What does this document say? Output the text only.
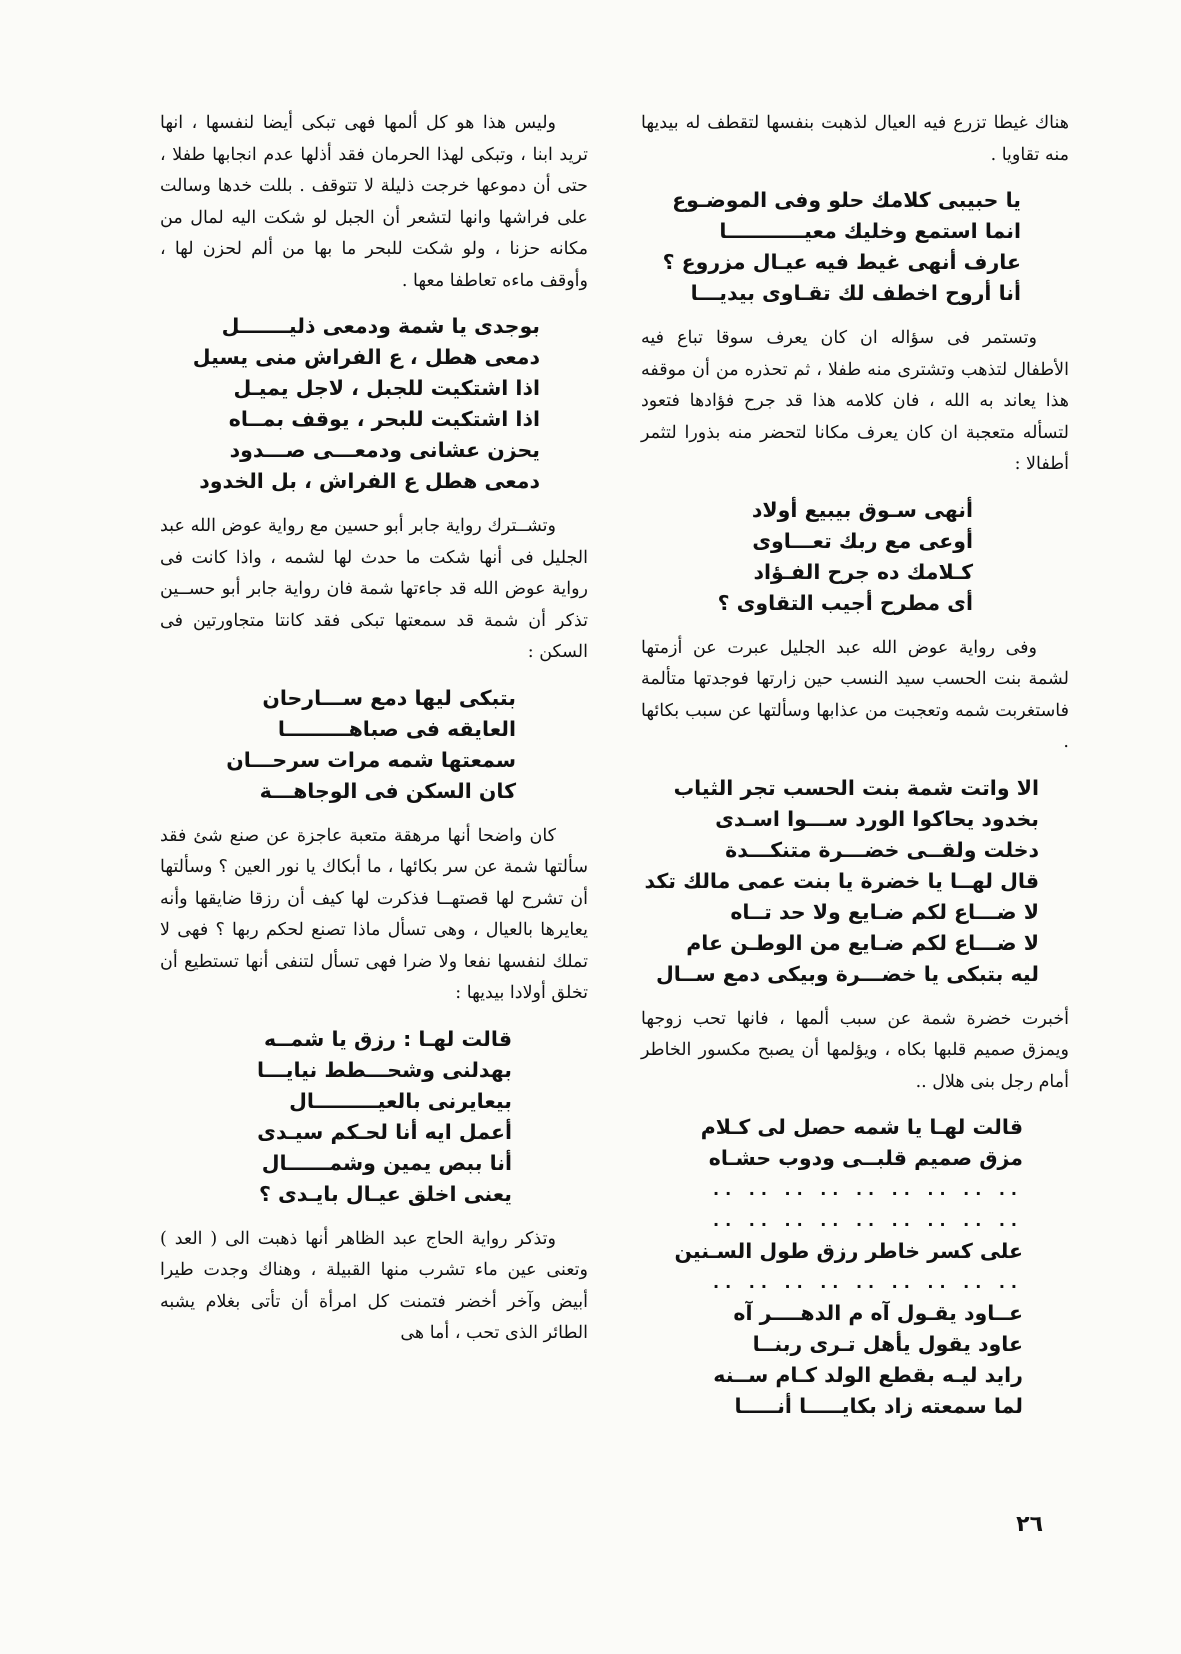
هناك غيطا تزرع فيه العيال لذهبت بنفسها لتقطف له بيديها منه تقاويا .

يا حبيبى كلامك حلو وفى الموضـوع
انما استمع وخليك معيـــــــــــا
عارف أنهى غيط فيه عيـال مزروع ؟
أنا أروح اخطف لك تقـاوى بيديـــا

وتستمر فى سؤاله ان كان يعرف سوقا تباع فيه الأطفال لتذهب وتشترى منه طفلا ، ثم تحذره من أن موقفه هذا يعاند به الله ، فان كلامه هذا قد جرح فؤادها فتعود لتسأله متعجبة ان كان يعرف مكانا لتحضر منه بذورا لتثمر أطفالا :

أنهى سـوق بيبيع أولاد
أوعى مع ربك تعـــاوى
كـلامك ده جرح الفـؤاد
أى مطرح أجيب التقاوى ؟

وفى رواية عوض الله عبد الجليل عبرت عن أزمتها لشمة بنت الحسب سيد النسب حين زارتها فوجدتها متألمة فاستغربت شمه وتعجبت من عذابها وسألتها عن سبب بكائها .

الا واتت شمة بنت الحسب تجر الثياب
بخدود يحاكوا الورد ســـوا اسـدى
دخلت ولقــى خضـــرة متنكـــدة
قال لهــا يا خضرة يا بنت عمى مالك تكد
لا ضـــاع لكم ضـايع ولا حد تــاه
لا ضـــاع لكم ضـايع من الوطـن عام
ليه بتبكى يا خضـــرة وبيكى دمع ســال

أخبرت خضرة شمة عن سبب ألمها ، فانها تحب زوجها ويمزق صميم قلبها بكاه ، ويؤلمها أن يصبح مكسور الخاطر أمام رجل بنى هلال ..

قالت لهـا يا شمه حصل لى كـلام
مزق صميم قلبــى ودوب حشـاه
.. .. .. .. .. .. .. .. ..
.. .. .. .. .. .. .. .. ..
على كسر خاطر رزق طول السـنين
.. .. .. .. .. .. .. .. ..
عــاود يقـول آه م الدهــــر آه
عاود يقول يأهل تـرى ربنــا
رايد ليـه بقطع الولد كـام ســنه
لما سمعته زاد بكايـــــا أنـــــا

وليس هذا هو كل ألمها فهى تبكى أيضا لنفسها ، انها تريد ابنا ، وتبكى لهذا الحرمان فقد أذلها عدم انجابها طفلا ، حتى أن دموعها خرجت ذليلة لا تتوقف . بللت خدها وسالت على فراشها وانها لتشعر أن الجبل لو شكت اليه لمال من مكانه حزنا ، ولو شكت للبحر ما بها من ألم لحزن لها ، وأوقف ماءه تعاطفا معها .

بوجدى يا شمة ودمعى ذليـــــــل
دمعى هطل ، ع الفراش منى يسيل
اذا اشتكيت للجبل ، لاجل يميـل
اذا اشتكيت للبحر ، يوقف بمــاه
يحزن عشانى ودمعـــى صـــدود
دمعى هطل ع الفراش ، بل الخدود

وتشــترك رواية جابر أبو حسين مع رواية عوض الله عبد الجليل فى أنها شكت ما حدث لها لشمه ، واذا كانت فى رواية عوض الله قد جاءتها شمة فان رواية جابر أبو حســين تذكر أن شمة قد سمعتها تبكى فقد كانتا متجاورتين فى السكن :

بتبكى ليها دمع ســـارحان
العايقه فى صباهـــــــــا
سمعتها شمه مرات سرحـــان
كان السكن فى الوجاهـــة

كان واضحا أنها مرهقة متعبة عاجزة عن صنع شئ فقد سألتها شمة عن سر بكائها ، ما أبكاك يا نور العين ؟ وسألتها أن تشرح لها قصتهــا فذكرت لها كيف أن رزقا ضايقها وأنه يعايرها بالعيال ، وهى تسأل ماذا تصنع لحكم ربها ؟ فهى لا تملك لنفسها نفعا ولا ضرا فهى تسأل لتنفى أنها تستطيع أن تخلق أولادا بيديها :

قالت لهـا : رزق يا شمــه
بهدلنى وشحـــطط نيايـــا
بيعايرنى بالعيـــــــــال
أعمل ايه أنا لحـكم سيـدى
أنا ببص يمين وشمــــــال
يعنى اخلق عيـال بايـدى ؟

وتذكر رواية الحاج عبد الظاهر أنها ذهبت الى ( العد ) وتعنى عين ماء تشرب منها القبيلة ، وهناك وجدت طيرا أبيض وآخر أخضر فتمنت كل امرأة أن تأتى بغلام يشبه الطائر الذى تحب ، أما هى

٢٦
